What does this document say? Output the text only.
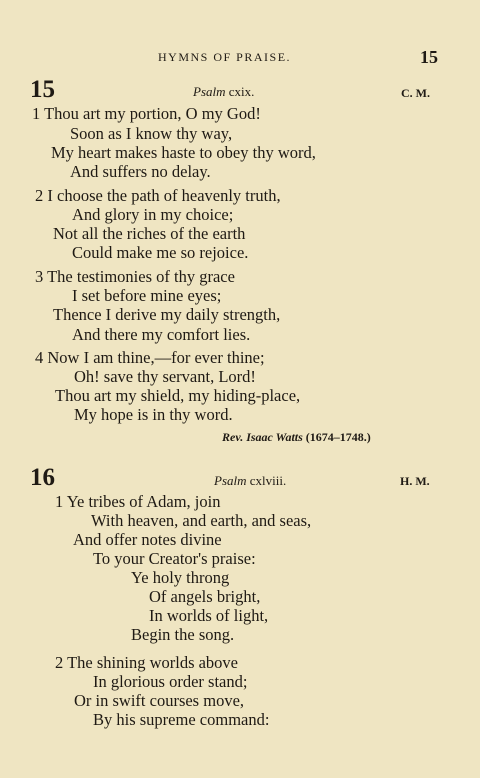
HYMNS OF PRAISE.	15
15	Psalm cxix.	C. M.
1 Thou art my portion, O my God!
Soon as I know thy way,
My heart makes haste to obey thy word,
And suffers no delay.
2 I choose the path of heavenly truth,
And glory in my choice;
Not all the riches of the earth
Could make me so rejoice.
3 The testimonies of thy grace
I set before mine eyes;
Thence I derive my daily strength,
And there my comfort lies.
4 Now I am thine,—for ever thine;
Oh! save thy servant, Lord!
Thou art my shield, my hiding-place,
My hope is in thy word.
Rev. Isaac Watts (1674–1748.)
16	Psalm cxlviii.	H. M.
1 Ye tribes of Adam, join
With heaven, and earth, and seas,
And offer notes divine
To your Creator's praise:
Ye holy throng
Of angels bright,
In worlds of light,
Begin the song.
2 The shining worlds above
In glorious order stand;
Or in swift courses move,
By his supreme command:
